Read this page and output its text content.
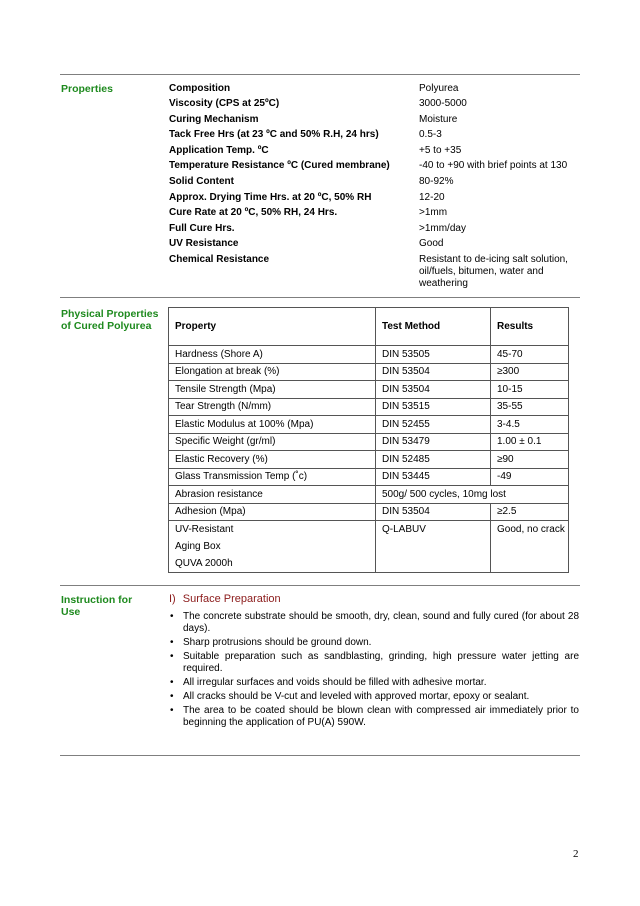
Properties	Composition	Polyurea
Viscosity (CPS at 25ºC)	3000-5000
Curing Mechanism	Moisture
Tack Free Hrs (at 23 ºC and 50% R.H, 24 hrs)	0.5-3
Application Temp. ºC	+5 to +35
Temperature Resistance ºC (Cured membrane)	-40 to +90 with brief points at 130
Solid Content	80-92%
Approx. Drying Time Hrs. at 20 ºC, 50% RH	12-20
Cure Rate at 20 ºC, 50% RH, 24 Hrs.	>1mm
Full Cure Hrs.	>1mm/day
UV Resistance	Good
Chemical Resistance	Resistant to de-icing salt solution, oil/fuels, bitumen, water and weathering
Physical Properties of Cured Polyurea	Property	Test Method	Results
Hardness (Shore A)	DIN 53505	45-70
Elongation at break (%)	DIN 53504	≥300
Tensile Strength (Mpa)	DIN 53504	10-15
Tear Strength (N/mm)	DIN 53515	35-55
Elastic Modulus at 100% (Mpa)	DIN 52455	3-4.5
Specific Weight (gr/ml)	DIN 53479	1.00 ± 0.1
Elastic Recovery (%)	DIN 52485	≥90
Glass Transmission Temp (˚c)	DIN 53445	-49
Abrasion resistance	500g/ 500 cycles, 10mg lost	
Adhesion (Mpa)	DIN 53504	≥2.5

UV-Resistant
Aging Box
QUVA 2000h	Q-LABUV	Good, no crack
Instruction for Use
I) Surface Preparation
• The concrete substrate should be smooth, dry, clean, sound and fully cured (for about 28 days).
• Sharp protrusions should be ground down.
• Suitable preparation such as sandblasting, grinding, high pressure water jetting are required.
• All irregular surfaces and voids should be filled with adhesive mortar.
• All cracks should be V-cut and leveled with approved mortar, epoxy or sealant.
• The area to be coated should be blown clean with compressed air immediately prior to beginning the application of PU(A) 590W.
2
